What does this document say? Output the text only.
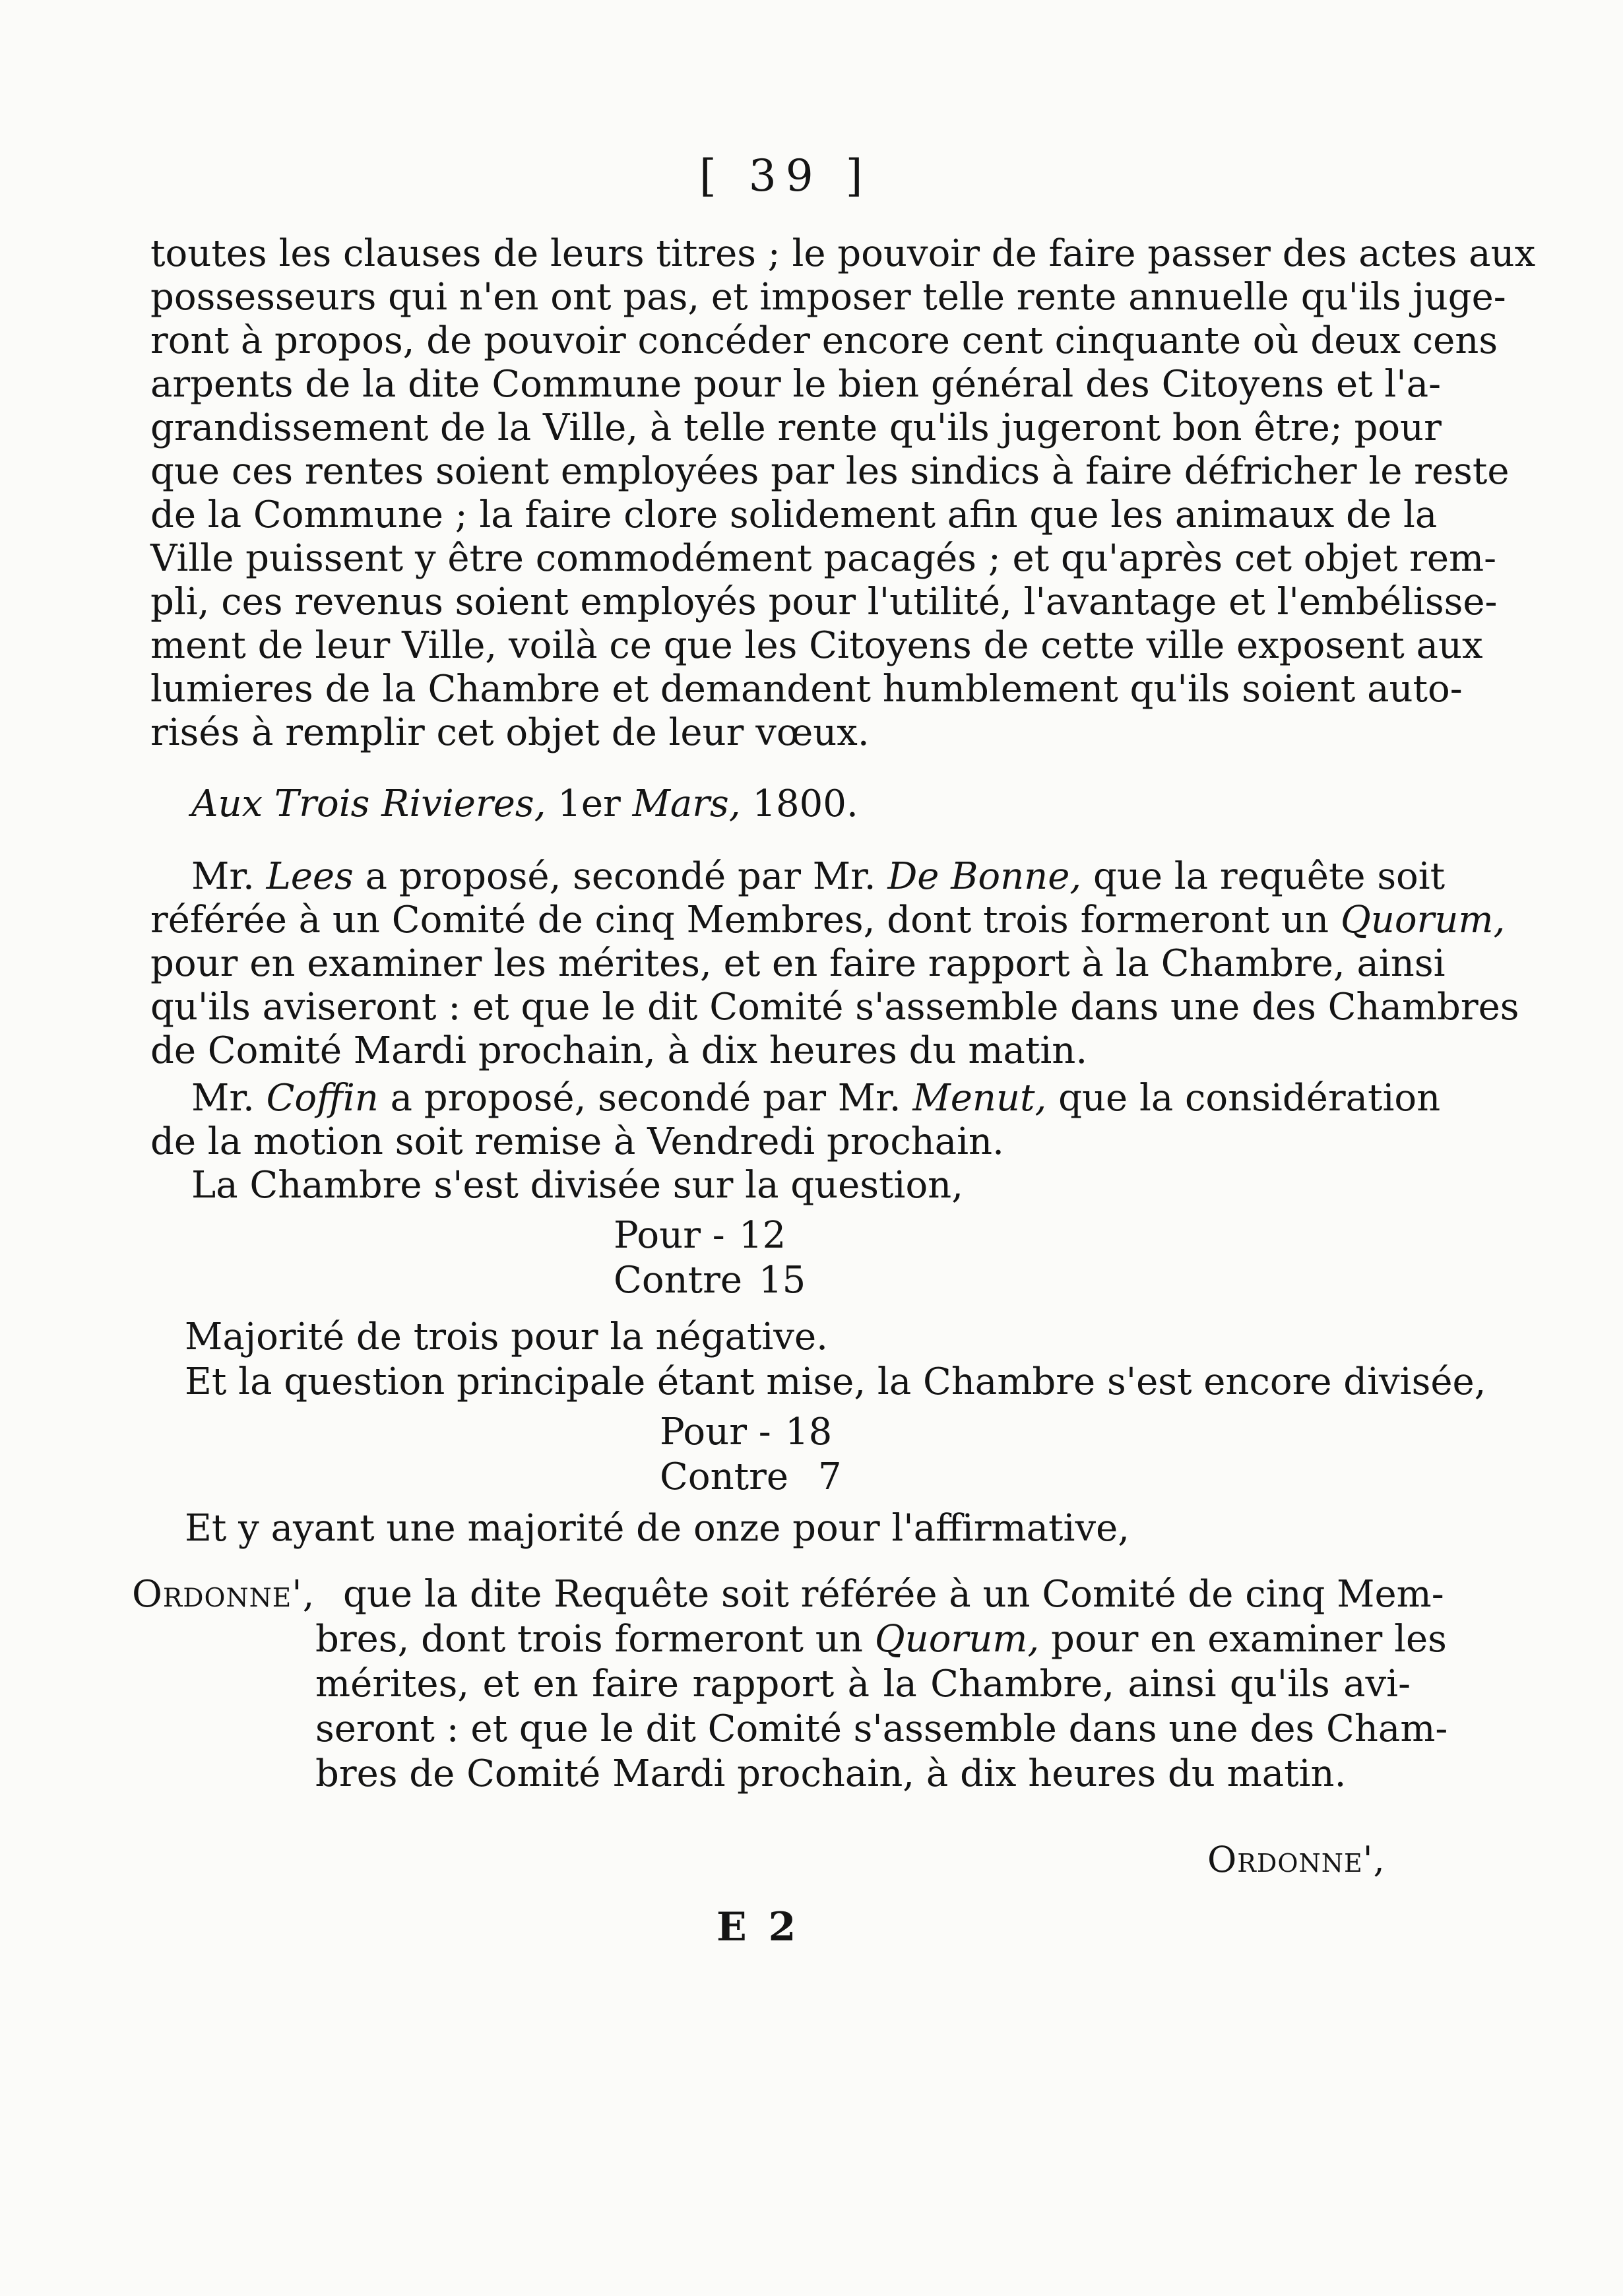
[ 39 ]
toutes les clauses de leurs titres ; le pouvoir de faire passer des actes aux
possesseurs qui n'en ont pas, et imposer telle rente annuelle qu'ils juge-
ront à propos, de pouvoir concéder encore cent cinquante où deux cens
arpents de la dite Commune pour le bien général des Citoyens et l'a-
grandissement de la Ville, à telle rente qu'ils jugeront bon être; pour
que ces rentes soient employées par les sindics à faire défricher le reste
de la Commune ; la faire clore solidement afin que les animaux de la
Ville puissent y être commodément pacagés ; et qu'après cet objet rem-
pli, ces revenus soient employés pour l'utilité, l'avantage et l'embélisse-
ment de leur Ville, voilà ce que les Citoyens de cette ville exposent aux
lumieres de la Chambre et demandent humblement qu'ils soient auto-
risés à remplir cet objet de leur vœux.
Aux Trois Rivieres, 1er Mars, 1800.
Mr. Lees a proposé, secondé par Mr. De Bonne, que la requête soit
référée à un Comité de cinq Membres, dont trois formeront un Quorum,
pour en examiner les mérites, et en faire rapport à la Chambre, ainsi
qu'ils aviseront : et que le dit Comité s'assemble dans une des Chambres
de Comité Mardi prochain, à dix heures du matin.
Mr. Coffin a proposé, secondé par Mr. Menut, que la considération
de la motion soit remise à Vendredi prochain.
La Chambre s'est divisée sur la question,
Pour - 12
Contre 15
Majorité de trois pour la négative.
Et la question principale étant mise, la Chambre s'est encore divisée,
Pour - 18
Contre 7
Et y ayant une majorité de onze pour l'affirmative,
Ordonne', que la dite Requête soit référée à un Comité de cinq Mem-
bres, dont trois formeront un Quorum, pour en examiner les
mérites, et en faire rapport à la Chambre, ainsi qu'ils avi-
seront : et que le dit Comité s'assemble dans une des Cham-
bres de Comité Mardi prochain, à dix heures du matin.
Ordonne',
E 2
